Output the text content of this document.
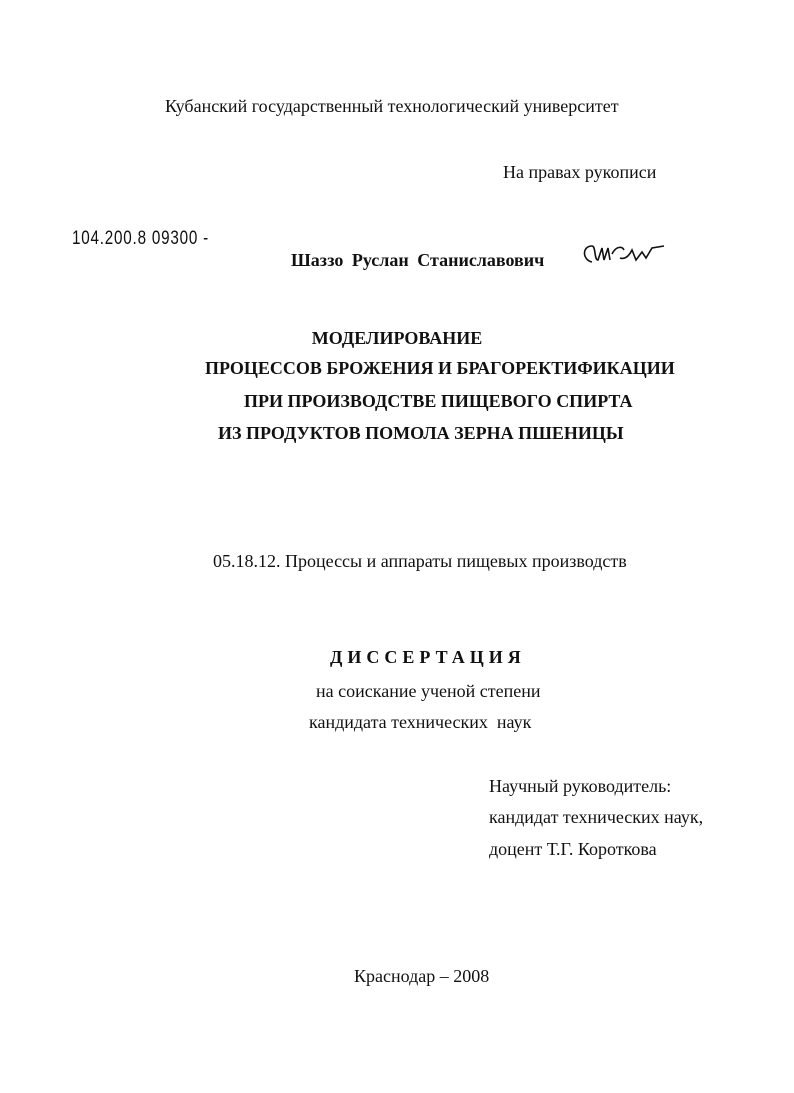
Кубанский государственный технологический университет
На правах рукописи
104.200.8 09300 -
Шаззо Руслан Станиславович
МОДЕЛИРОВАНИЕ
ПРОЦЕССОВ БРОЖЕНИЯ И БРАГОРЕКТИФИКАЦИИ
ПРИ ПРОИЗВОДСТВЕ ПИЩЕВОГО СПИРТА
ИЗ ПРОДУКТОВ ПОМОЛА ЗЕРНА ПШЕНИЦЫ
05.18.12. Процессы и аппараты пищевых производств
ДИССЕРТАЦИЯ
на соискание ученой степени
кандидата технических  наук
Научный руководитель:
кандидат технических наук,
доцент Т.Г. Короткова
Краснодар – 2008
